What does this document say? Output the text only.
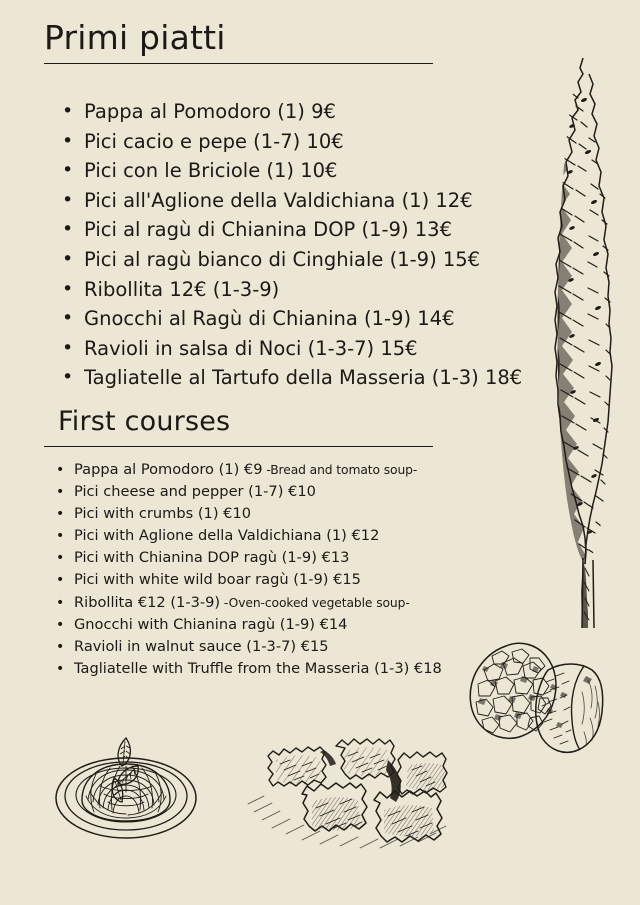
Primi piatti
• Pappa al Pomodoro (1) 9€
• Pici cacio e pepe (1-7) 10€
• Pici con le Briciole (1) 10€
• Pici all'Aglione della Valdichiana (1) 12€
• Pici al ragù di Chianina DOP (1-9) 13€
• Pici al ragù bianco di Cinghiale (1-9) 15€
• Ribollita 12€ (1-3-9)
• Gnocchi al Ragù di Chianina (1-9) 14€
• Ravioli in salsa di Noci (1-3-7) 15€
• Tagliatelle al Tartufo della Masseria (1-3) 18€
First courses
• Pappa al Pomodoro (1) €9 -Bread and tomato soup-
• Pici cheese and pepper (1-7) €10
• Pici with crumbs (1) €10
• Pici with Aglione della Valdichiana (1) €12
• Pici with Chianina DOP ragù (1-9) €13
• Pici with white wild boar ragù (1-9) €15
• Ribollita €12 (1-3-9) -Oven-cooked vegetable soup-
• Gnocchi with Chianina ragù (1-9) €14
• Ravioli in walnut sauce (1-3-7) €15
• Tagliatelle with Truffle from the Masseria (1-3) €18
